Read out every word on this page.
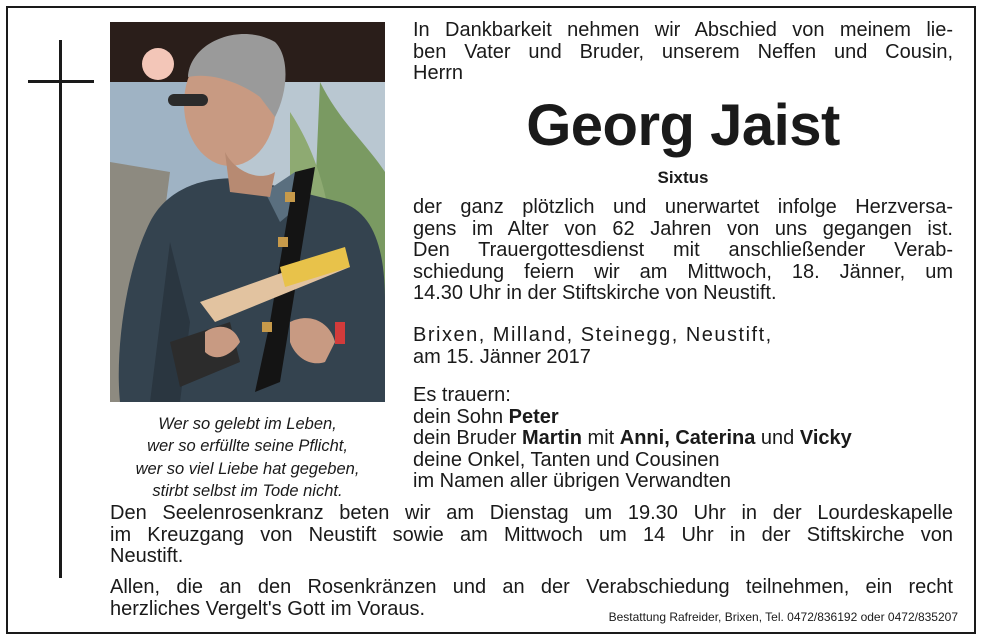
Wer so gelebt im Leben,
wer so erfüllte seine Pflicht,
wer so viel Liebe hat gegeben,
stirbt selbst im Tode nicht.
In Dankbarkeit nehmen wir Abschied von meinem lie-
ben Vater und Bruder, unserem Neffen und Cousin,
Herrn
Georg Jaist
Sixtus
der ganz plötzlich und unerwartet infolge Herzversa-
gens im Alter von 62 Jahren von uns gegangen ist.
Den Trauergottesdienst mit anschließender Verab-
schiedung feiern wir am Mittwoch, 18. Jänner, um
14.30 Uhr in der Stiftskirche von Neustift.
Brixen, Milland, Steinegg, Neustift,
am 15. Jänner 2017
Es trauern:
dein Sohn Peter
dein Bruder Martin mit Anni, Caterina und Vicky
deine Onkel, Tanten und Cousinen
im Namen aller übrigen Verwandten
Den Seelenrosenkranz beten wir am Dienstag um 19.30 Uhr in der Lourdeskapelle
im Kreuzgang von Neustift sowie am Mittwoch um 14 Uhr in der Stiftskirche von
Neustift.
Allen, die an den Rosenkränzen und an der Verabschiedung teilnehmen, ein recht
herzliches Vergelt's Gott im Voraus.	Bestattung Rafreider, Brixen, Tel. 0472/836192 oder 0472/835207
